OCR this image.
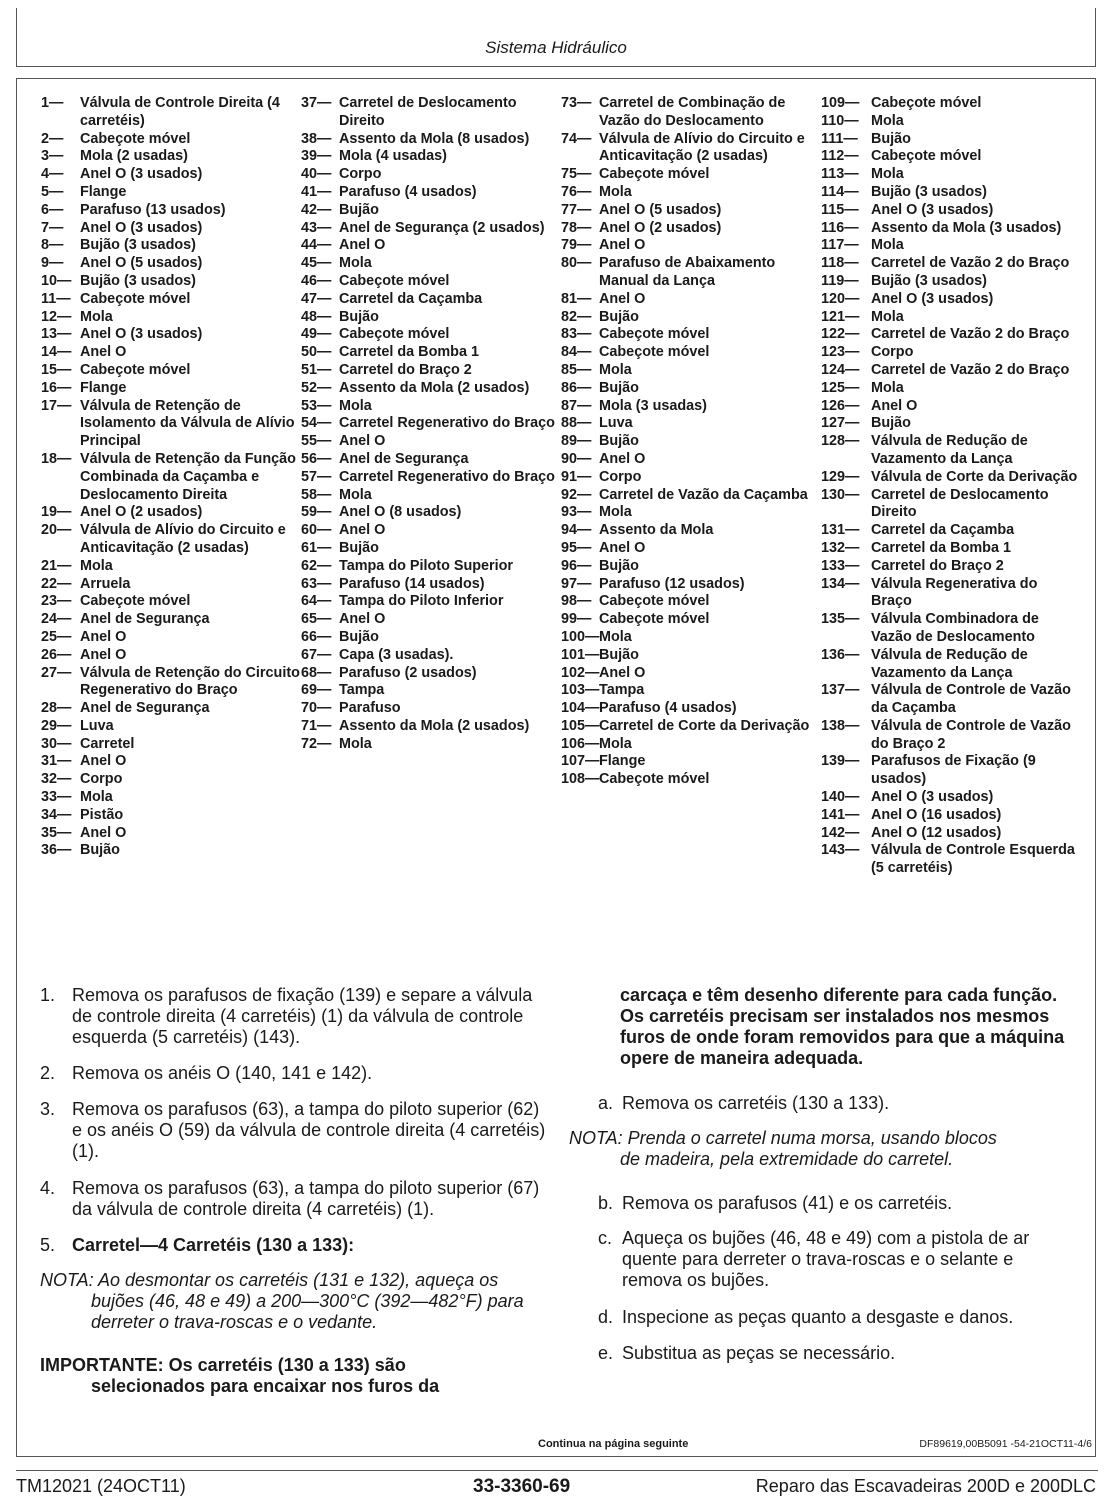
Sistema Hidráulico
1— Válvula de Controle Direita (4 carretéis)
2— Cabeçote móvel
3— Mola (2 usadas)
4— Anel O (3 usados)
5— Flange
6— Parafuso (13 usados)
7— Anel O (3 usados)
8— Bujão (3 usados)
9— Anel O (5 usados)
10— Bujão (3 usados)
11— Cabeçote móvel
12— Mola
13— Anel O (3 usados)
14— Anel O
15— Cabeçote móvel
16— Flange
17— Válvula de Retenção de Isolamento da Válvula de Alívio Principal
18— Válvula de Retenção da Função Combinada da Caçamba e Deslocamento Direita
19— Anel O (2 usados)
20— Válvula de Alívio do Circuito e Anticavitação (2 usadas)
21— Mola
22— Arruela
23— Cabeçote móvel
24— Anel de Segurança
25— Anel O
26— Anel O
27— Válvula de Retenção do Circuito Regenerativo do Braço
28— Anel de Segurança
29— Luva
30— Carretel
31— Anel O
32— Corpo
33— Mola
34— Pistão
35— Anel O
36— Bujão
37— Carretel de Deslocamento Direito
38— Assento da Mola (8 usados)
39— Mola (4 usadas)
40— Corpo
41— Parafuso (4 usados)
42— Bujão
43— Anel de Segurança (2 usados)
44— Anel O
45— Mola
46— Cabeçote móvel
47— Carretel da Caçamba
48— Bujão
49— Cabeçote móvel
50— Carretel da Bomba 1
51— Carretel do Braço 2
52— Assento da Mola (2 usados)
53— Mola
54— Carretel Regenerativo do Braço
55— Anel O
56— Anel de Segurança
57— Carretel Regenerativo do Braço
58— Mola
59— Anel O (8 usados)
60— Anel O
61— Bujão
62— Tampa do Piloto Superior
63— Parafuso (14 usados)
64— Tampa do Piloto Inferior
65— Anel O
66— Bujão
67— Capa (3 usadas).
68— Parafuso (2 usados)
69— Tampa
70— Parafuso
71— Assento da Mola (2 usados)
72— Mola
73— Carretel de Combinação de Vazão do Deslocamento
74— Válvula de Alívio do Circuito e Anticavitação (2 usadas)
75— Cabeçote móvel
76— Mola
77— Anel O (5 usados)
78— Anel O (2 usados)
79— Anel O
80— Parafuso de Abaixamento Manual da Lança
81— Anel O
82— Bujão
83— Cabeçote móvel
84— Cabeçote móvel
85— Mola
86— Bujão
87— Mola (3 usadas)
88— Luva
89— Bujão
90— Anel O
91— Corpo
92— Carretel de Vazão da Caçamba
93— Mola
94— Assento da Mola
95— Anel O
96— Bujão
97— Parafuso (12 usados)
98— Cabeçote móvel
99— Cabeçote móvel
100— Mola
101— Bujão
102— Anel O
103— Tampa
104— Parafuso (4 usados)
105— Carretel de Corte da Derivação
106— Mola
107— Flange
108— Cabeçote móvel
109— Cabeçote móvel
110— Mola
111— Bujão
112— Cabeçote móvel
113— Mola
114— Bujão (3 usados)
115— Anel O (3 usados)
116— Assento da Mola (3 usados)
117— Mola
118— Carretel de Vazão 2 do Braço
119— Bujão (3 usados)
120— Anel O (3 usados)
121— Mola
122— Carretel de Vazão 2 do Braço
123— Corpo
124— Carretel de Vazão 2 do Braço
125— Mola
126— Anel O
127— Bujão
128— Válvula de Redução de Vazamento da Lança
129— Válvula de Corte da Derivação
130— Carretel de Deslocamento Direito
131— Carretel da Caçamba
132— Carretel da Bomba 1
133— Carretel do Braço 2
134— Válvula Regenerativa do Braço
135— Válvula Combinadora de Vazão de Deslocamento
136— Válvula de Redução de Vazamento da Lança
137— Válvula de Controle de Vazão da Caçamba
138— Válvula de Controle de Vazão do Braço 2
139— Parafusos de Fixação (9 usados)
140— Anel O (3 usados)
141— Anel O (16 usados)
142— Anel O (12 usados)
143— Válvula de Controle Esquerda (5 carretéis)
1. Remova os parafusos de fixação (139) e separe a válvula de controle direita (4 carretéis) (1) da válvula de controle esquerda (5 carretéis) (143).
2. Remova os anéis O (140, 141 e 142).
3. Remova os parafusos (63), a tampa do piloto superior (62) e os anéis O (59) da válvula de controle direita (4 carretéis) (1).
4. Remova os parafusos (63), a tampa do piloto superior (67) da válvula de controle direita (4 carretéis) (1).
5. Carretel—4 Carretéis (130 a 133):
NOTA: Ao desmontar os carretéis (131 e 132), aqueça os
bujões (46, 48 e 49) a 200—300°C (392—482°F) para derreter o trava-roscas e o vedante.
IMPORTANTE: Os carretéis (130 a 133) são
selecionados para encaixar nos furos da
carcaça e têm desenho diferente para cada função. Os carretéis precisam ser instalados nos mesmos furos de onde foram removidos para que a máquina opere de maneira adequada.
a. Remova os carretéis (130 a 133).
NOTA: Prenda o carretel numa morsa, usando blocos
de madeira, pela extremidade do carretel.
b. Remova os parafusos (41) e os carretéis.
c. Aqueça os bujões (46, 48 e 49) com a pistola de ar quente para derreter o trava-roscas e o selante e remova os bujões.
d. Inspecione as peças quanto a desgaste e danos.
e. Substitua as peças se necessário.
Continua na página seguinte	DF89619,00B5091 -54-21OCT11-4/6
TM12021 (24OCT11)	33-3360-69	Reparo das Escavadeiras 200D e 200DLC
